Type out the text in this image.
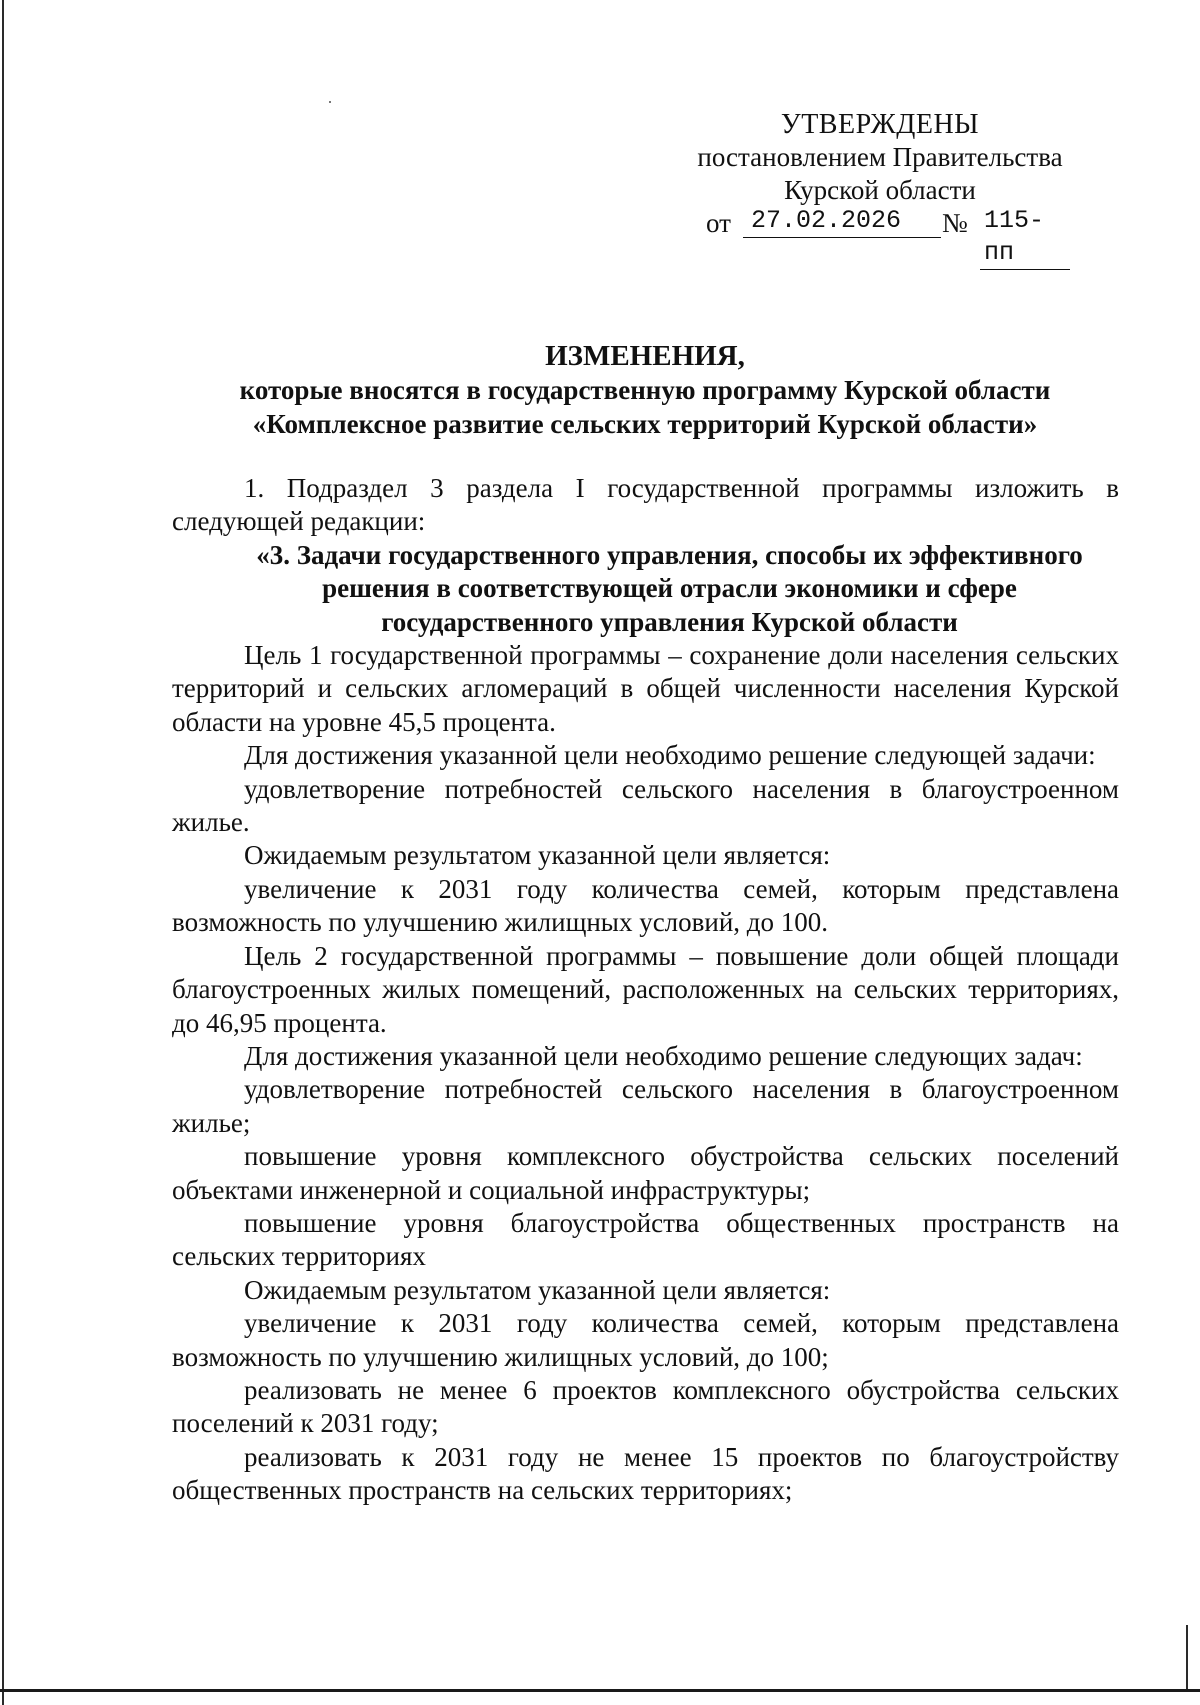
УТВЕРЖДЕНЫ
постановлением Правительства
Курской области
от 27.02.2026	№ 115-пп
ИЗМЕНЕНИЯ,
которые вносятся в государственную программу Курской области
«Комплексное развитие сельских территорий Курской области»

1. Подраздел 3 раздела I государственной программы изложить в следующей редакции:

«3. Задачи государственного управления, способы их эффективного решения в соответствующей отрасли экономики и сфере государственного управления Курской области

Цель 1 государственной программы – сохранение доли населения сельских территорий и сельских агломераций в общей численности населения Курской области на уровне 45,5 процента.

Для достижения указанной цели необходимо решение следующей задачи:

удовлетворение потребностей сельского населения в благоустроенном жилье.

Ожидаемым результатом указанной цели является:

увеличение к 2031 году количества семей, которым представлена возможность по улучшению жилищных условий, до 100.

Цель 2 государственной программы – повышение доли общей площади благоустроенных жилых помещений, расположенных на сельских территориях, до 46,95 процента.

Для достижения указанной цели необходимо решение следующих задач:

удовлетворение потребностей сельского населения в благоустроенном жилье;

повышение уровня комплексного обустройства сельских поселений объектами инженерной и социальной инфраструктуры;

повышение уровня благоустройства общественных пространств на сельских территориях

Ожидаемым результатом указанной цели является:

увеличение к 2031 году количества семей, которым представлена возможность по улучшению жилищных условий, до 100;

реализовать не менее 6 проектов комплексного обустройства сельских поселений к 2031 году;

реализовать к 2031 году не менее 15 проектов по благоустройству общественных пространств на сельских территориях;
